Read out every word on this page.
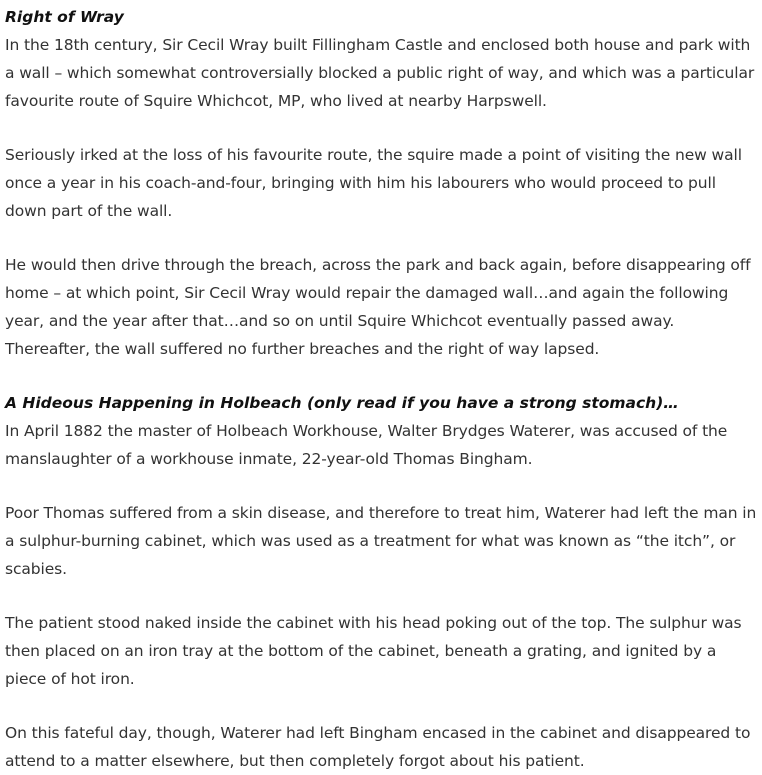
Right of Wray

In the 18th century, Sir Cecil Wray built Fillingham Castle and enclosed both house and park with a wall – which somewhat controversially blocked a public right of way, and which was a particular favourite route of Squire Whichcot, MP, who lived at nearby Harpswell.

Seriously irked at the loss of his favourite route, the squire made a point of visiting the new wall once a year in his coach-and-four, bringing with him his labourers who would proceed to pull down part of the wall.

He would then drive through the breach, across the park and back again, before disappearing off home – at which point, Sir Cecil Wray would repair the damaged wall…and again the following year, and the year after that…and so on until Squire Whichcot eventually passed away. Thereafter, the wall suffered no further breaches and the right of way lapsed.

A Hideous Happening in Holbeach (only read if you have a strong stomach)…

In April 1882 the master of Holbeach Workhouse, Walter Brydges Waterer, was accused of the manslaughter of a workhouse inmate, 22-year-old Thomas Bingham.

Poor Thomas suffered from a skin disease, and therefore to treat him, Waterer had left the man in a sulphur-burning cabinet, which was used as a treatment for what was known as “the itch”, or scabies.

The patient stood naked inside the cabinet with his head poking out of the top. The sulphur was then placed on an iron tray at the bottom of the cabinet, beneath a grating, and ignited by a piece of hot iron.

On this fateful day, though, Waterer had left Bingham encased in the cabinet and disappeared to attend to a matter elsewhere, but then completely forgot about his patient.
